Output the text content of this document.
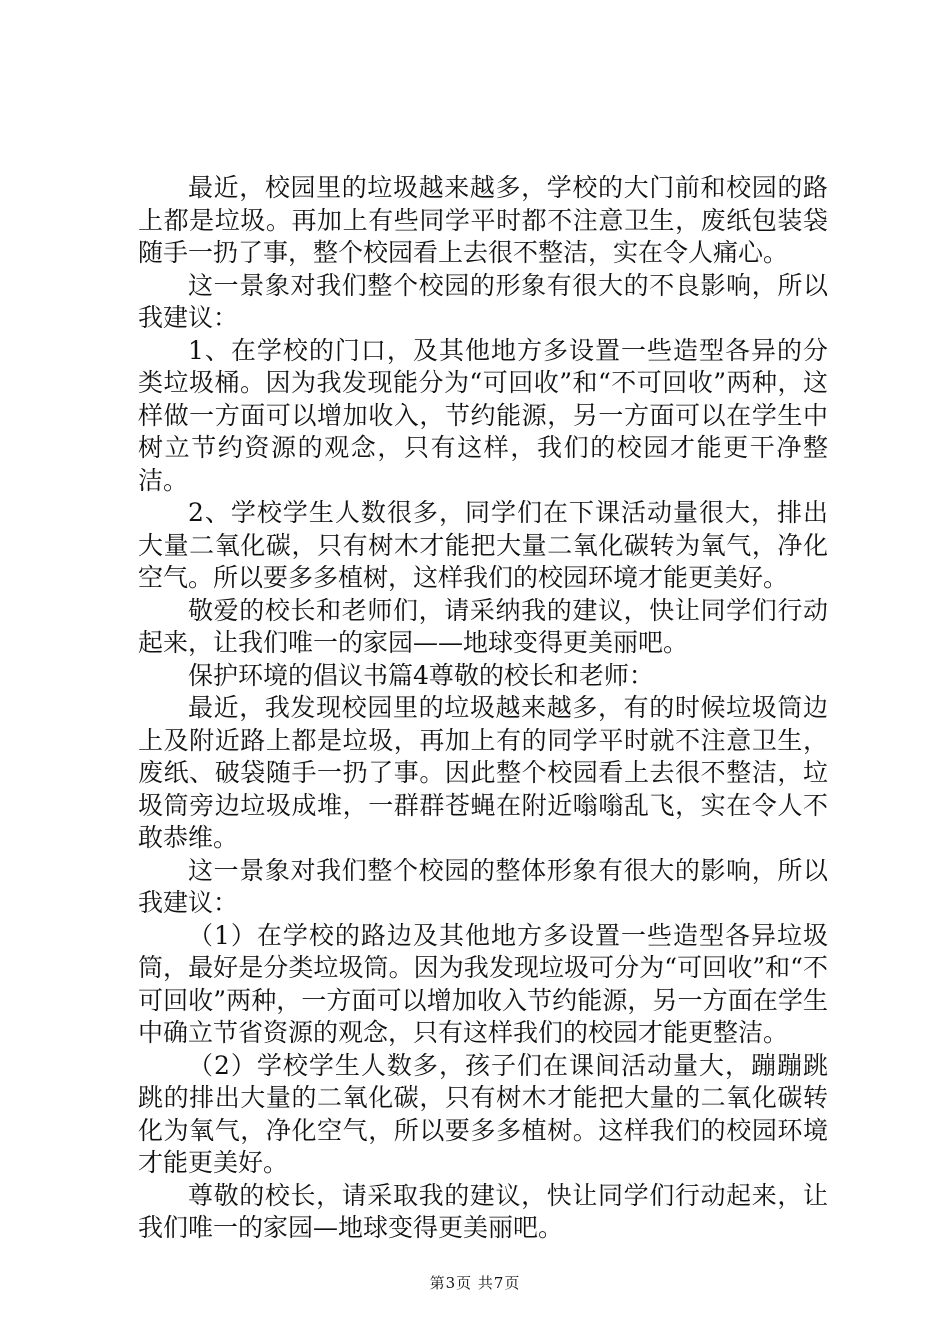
最近，校园里的垃圾越来越多，学校的大门前和校园的路上都是垃圾。再加上有些同学平时都不注意卫生，废纸包装袋随手一扔了事，整个校园看上去很不整洁，实在令人痛心。

这一景象对我们整个校园的形象有很大的不良影响，所以我建议：

1、在学校的门口，及其他地方多设置一些造型各异的分类垃圾桶。因为我发现能分为“可回收”和“不可回收”两种，这样做一方面可以增加收入，节约能源，另一方面可以在学生中树立节约资源的观念，只有这样，我们的校园才能更干净整洁。

2、学校学生人数很多，同学们在下课活动量很大，排出大量二氧化碳，只有树木才能把大量二氧化碳转为氧气，净化空气。所以要多多植树，这样我们的校园环境才能更美好。

敬爱的校长和老师们，请采纳我的建议，快让同学们行动起来，让我们唯一的家园——地球变得更美丽吧。

保护环境的倡议书篇4尊敬的校长和老师：

最近，我发现校园里的垃圾越来越多，有的时候垃圾筒边上及附近路上都是垃圾，再加上有的同学平时就不注意卫生，废纸、破袋随手一扔了事。因此整个校园看上去很不整洁，垃圾筒旁边垃圾成堆，一群群苍蝇在附近嗡嗡乱飞，实在令人不敢恭维。

这一景象对我们整个校园的整体形象有很大的影响，所以我建议：

（1）在学校的路边及其他地方多设置一些造型各异垃圾筒，最好是分类垃圾筒。因为我发现垃圾可分为“可回收”和“不可回收”两种，一方面可以增加收入节约能源，另一方面在学生中确立节省资源的观念，只有这样我们的校园才能更整洁。

（2）学校学生人数多，孩子们在课间活动量大，蹦蹦跳跳的排出大量的二氧化碳，只有树木才能把大量的二氧化碳转化为氧气，净化空气，所以要多多植树。这样我们的校园环境才能更美好。

尊敬的校长，请采取我的建议，快让同学们行动起来，让我们唯一的家园—地球变得更美丽吧。

第3页 共7页
